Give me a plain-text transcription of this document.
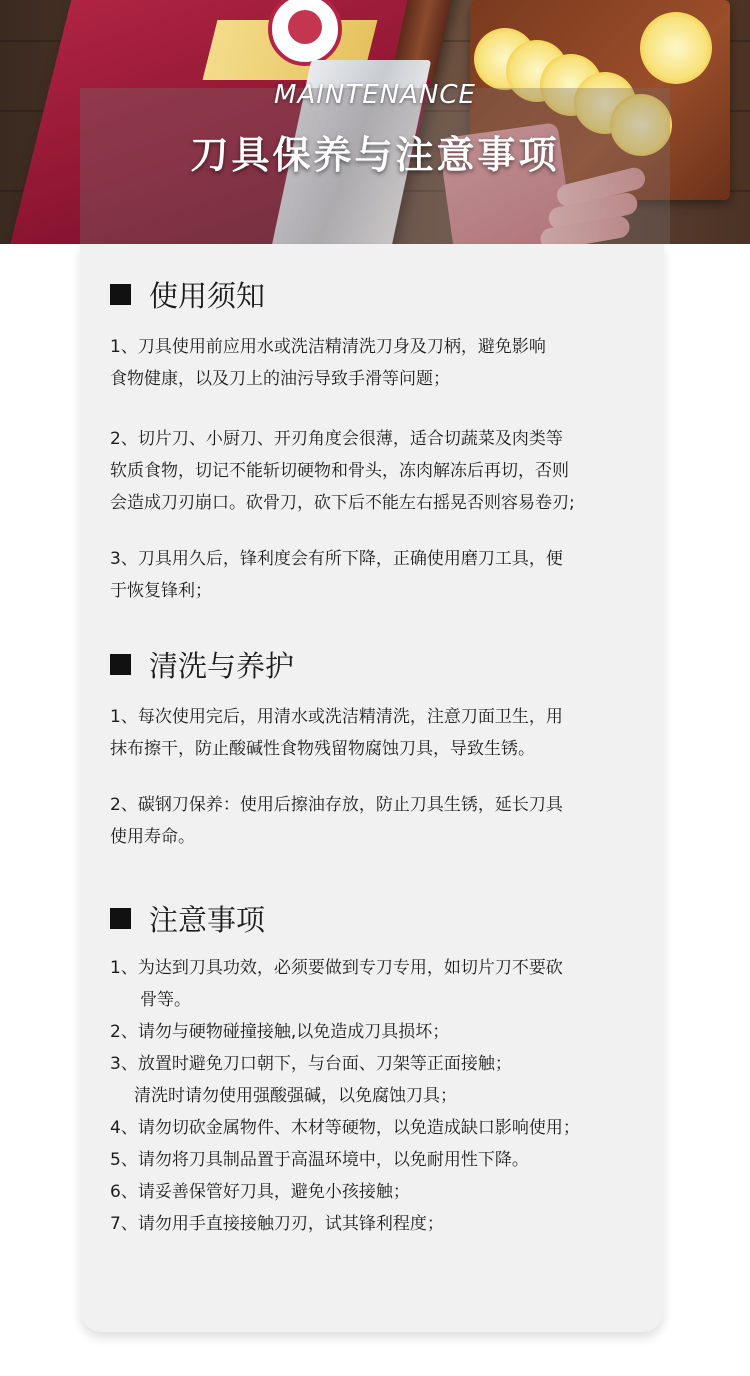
MAINTENANCE
刀具保养与注意事项
使用须知

1、刀具使用前应用水或洗洁精清洗刀身及刀柄，避免影响
食物健康，以及刀上的油污导致手滑等问题；

2、切片刀、小厨刀、开刃角度会很薄，适合切蔬菜及肉类等
软质食物，切记不能斩切硬物和骨头，冻肉解冻后再切，否则
会造成刀刃崩口。砍骨刀，砍下后不能左右摇晃否则容易卷刃;

3、刀具用久后，锋利度会有所下降，正确使用磨刀工具，便
于恢复锋利；

清洗与养护

1、每次使用完后，用清水或洗洁精清洗，注意刀面卫生，用
抹布擦干，防止酸碱性食物残留物腐蚀刀具，导致生锈。

2、碳钢刀保养：使用后擦油存放，防止刀具生锈，延长刀具
使用寿命。

注意事项

1、为达到刀具功效，必须要做到专刀专用，如切片刀不要砍

骨等。

2、请勿与硬物碰撞接触,以免造成刀具损坏；

3、放置时避免刀口朝下，与台面、刀架等正面接触；

清洗时请勿使用强酸强碱，以免腐蚀刀具；

4、请勿切砍金属物件、木材等硬物，以免造成缺口影响使用；

5、请勿将刀具制品置于高温环境中，以免耐用性下降。

6、请妥善保管好刀具，避免小孩接触；

7、请勿用手直接接触刀刃，试其锋利程度；
